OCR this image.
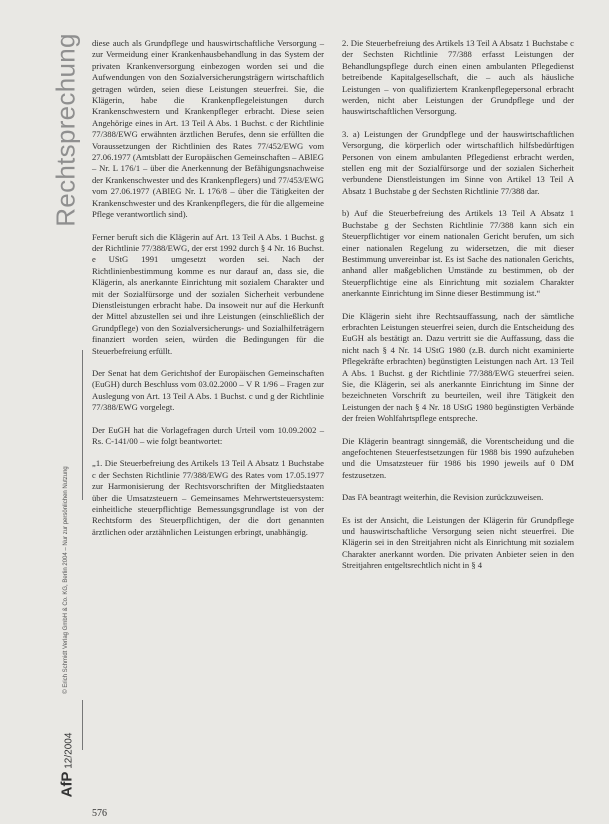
Rechtsprechung
© Erich Schmidt Verlag GmbH & Co. KG, Berlin 2004 – Nur zur persönlichen Nutzung
AfP 12/2004

diese auch als Grundpflege und hauswirtschaftliche Versorgung – zur Vermeidung einer Krankenhausbehandlung in das System der privaten Krankenversorgung einbezogen worden sei und die Aufwendungen von den Sozialversicherungsträgern wirtschaftlich getragen würden, seien diese Leistungen steuerfrei. Sie, die Klägerin, habe die Krankenpflegeleistungen durch Krankenschwestern und Krankenpfleger erbracht. Diese seien Angehörige eines in Art. 13 Teil A Abs. 1 Buchst. c der Richtlinie 77/388/EWG erwähnten ärztlichen Berufes, denn sie erfüllten die Voraussetzungen der Richtlinien des Rates 77/452/EWG vom 27.06.1977 (Amtsblatt der Europäischen Gemeinschaften – ABlEG – Nr. L 176/1 – über die Anerkennung der Befähigungsnachweise der Krankenschwester und des Krankenpflegers) und 77/453/EWG vom 27.06.1977 (ABlEG Nr. L 176/8 – über die Tätigkeiten der Krankenschwester und des Krankenpflegers, die für die allgemeine Pflege verantwortlich sind).

Ferner beruft sich die Klägerin auf Art. 13 Teil A Abs. 1 Buchst. g der Richtlinie 77/388/EWG, der erst 1992 durch § 4 Nr. 16 Buchst. e UStG 1991 umgesetzt worden sei. Nach der Richtlinienbestimmung komme es nur darauf an, dass sie, die Klägerin, als anerkannte Einrichtung mit sozialem Charakter und mit der Sozialfürsorge und der sozialen Sicherheit verbundene Dienstleistungen erbracht habe. Da insoweit nur auf die Herkunft der Mittel abzustellen sei und ihre Leistungen (einschließlich der Grundpflege) von den Sozialversicherungs- und Sozialhilfeträgern finanziert worden seien, würden die Bedingungen für die Steuerbefreiung erfüllt.

Der Senat hat dem Gerichtshof der Europäischen Gemeinschaften (EuGH) durch Beschluss vom 03.02.2000 – V R 1/96 – Fragen zur Auslegung von Art. 13 Teil A Abs. 1 Buchst. c und g der Richtlinie 77/388/EWG vorgelegt.

Der EuGH hat die Vorlagefragen durch Urteil vom 10.09.2002 – Rs. C-141/00 – wie folgt beantwortet:

„1. Die Steuerbefreiung des Artikels 13 Teil A Absatz 1 Buchstabe c der Sechsten Richtlinie 77/388/EWG des Rates vom 17.05.1977 zur Harmonisierung der Rechtsvorschriften der Mitgliedstaaten über die Umsatzsteuern – Gemeinsames Mehrwertsteuersystem: einheitliche steuerpflichtige Bemessungsgrundlage ist von der Rechtsform des Steuerpflichtigen, der die dort genannten ärztlichen oder arztähnlichen Leistungen erbringt, unabhängig.

2. Die Steuerbefreiung des Artikels 13 Teil A Absatz 1 Buchstabe c der Sechsten Richtlinie 77/388 erfasst Leistungen der Behandlungspflege durch einen einen ambulanten Pflegedienst betreibende Kapitalgesellschaft, die – auch als häusliche Leistungen – von qualifiziertem Krankenpflegepersonal erbracht werden, nicht aber Leistungen der Grundpflege und der hauswirtschaftlichen Versorgung.

3. a) Leistungen der Grundpflege und der hauswirtschaftlichen Versorgung, die körperlich oder wirtschaftlich hilfsbedürftigen Personen von einem ambulanten Pflegedienst erbracht werden, stellen eng mit der Sozialfürsorge und der sozialen Sicherheit verbundene Dienstleistungen im Sinne von Artikel 13 Teil A Absatz 1 Buchstabe g der Sechsten Richtlinie 77/388 dar.

b) Auf die Steuerbefreiung des Artikels 13 Teil A Absatz 1 Buchstabe g der Sechsten Richtlinie 77/388 kann sich ein Steuerpflichtiger vor einem nationalen Gericht berufen, um sich einer nationalen Regelung zu widersetzen, die mit dieser Bestimmung unvereinbar ist. Es ist Sache des nationalen Gerichts, anhand aller maßgeblichen Umstände zu bestimmen, ob der Steuerpflichtige eine als Einrichtung mit sozialem Charakter anerkannte Einrichtung im Sinne dieser Bestimmung ist.“

Die Klägerin sieht ihre Rechtsauffassung, nach der sämtliche erbrachten Leistungen steuerfrei seien, durch die Entscheidung des EuGH als bestätigt an. Dazu vertritt sie die Auffassung, dass die nicht nach § 4 Nr. 14 UStG 1980 (z.B. durch nicht examinierte Pflegekräfte erbrachten) begünstigten Leistungen nach Art. 13 Teil A Abs. 1 Buchst. g der Richtlinie 77/388/EWG steuerfrei seien. Sie, die Klägerin, sei als anerkannte Einrichtung im Sinne der bezeichneten Vorschrift zu beurteilen, weil ihre Tätigkeit den Leistungen der nach § 4 Nr. 18 UStG 1980 begünstigten Verbände der freien Wohlfahrtspflege entspreche.

Die Klägerin beantragt sinngemäß, die Vorentscheidung und die angefochtenen Steuerfestsetzungen für 1988 bis 1990 aufzuheben und die Umsatzsteuer für 1986 bis 1990 jeweils auf 0 DM festzusetzen.

Das FA beantragt weiterhin, die Revision zurückzuweisen.

Es ist der Ansicht, die Leistungen der Klägerin für Grundpflege und hauswirtschaftliche Versorgung seien nicht steuerfrei. Die Klägerin sei in den Streitjahren nicht als Einrichtung mit sozialem Charakter anerkannt worden. Die privaten Anbieter seien in den Streitjahren entgeltsrechtlich nicht in § 4

576
